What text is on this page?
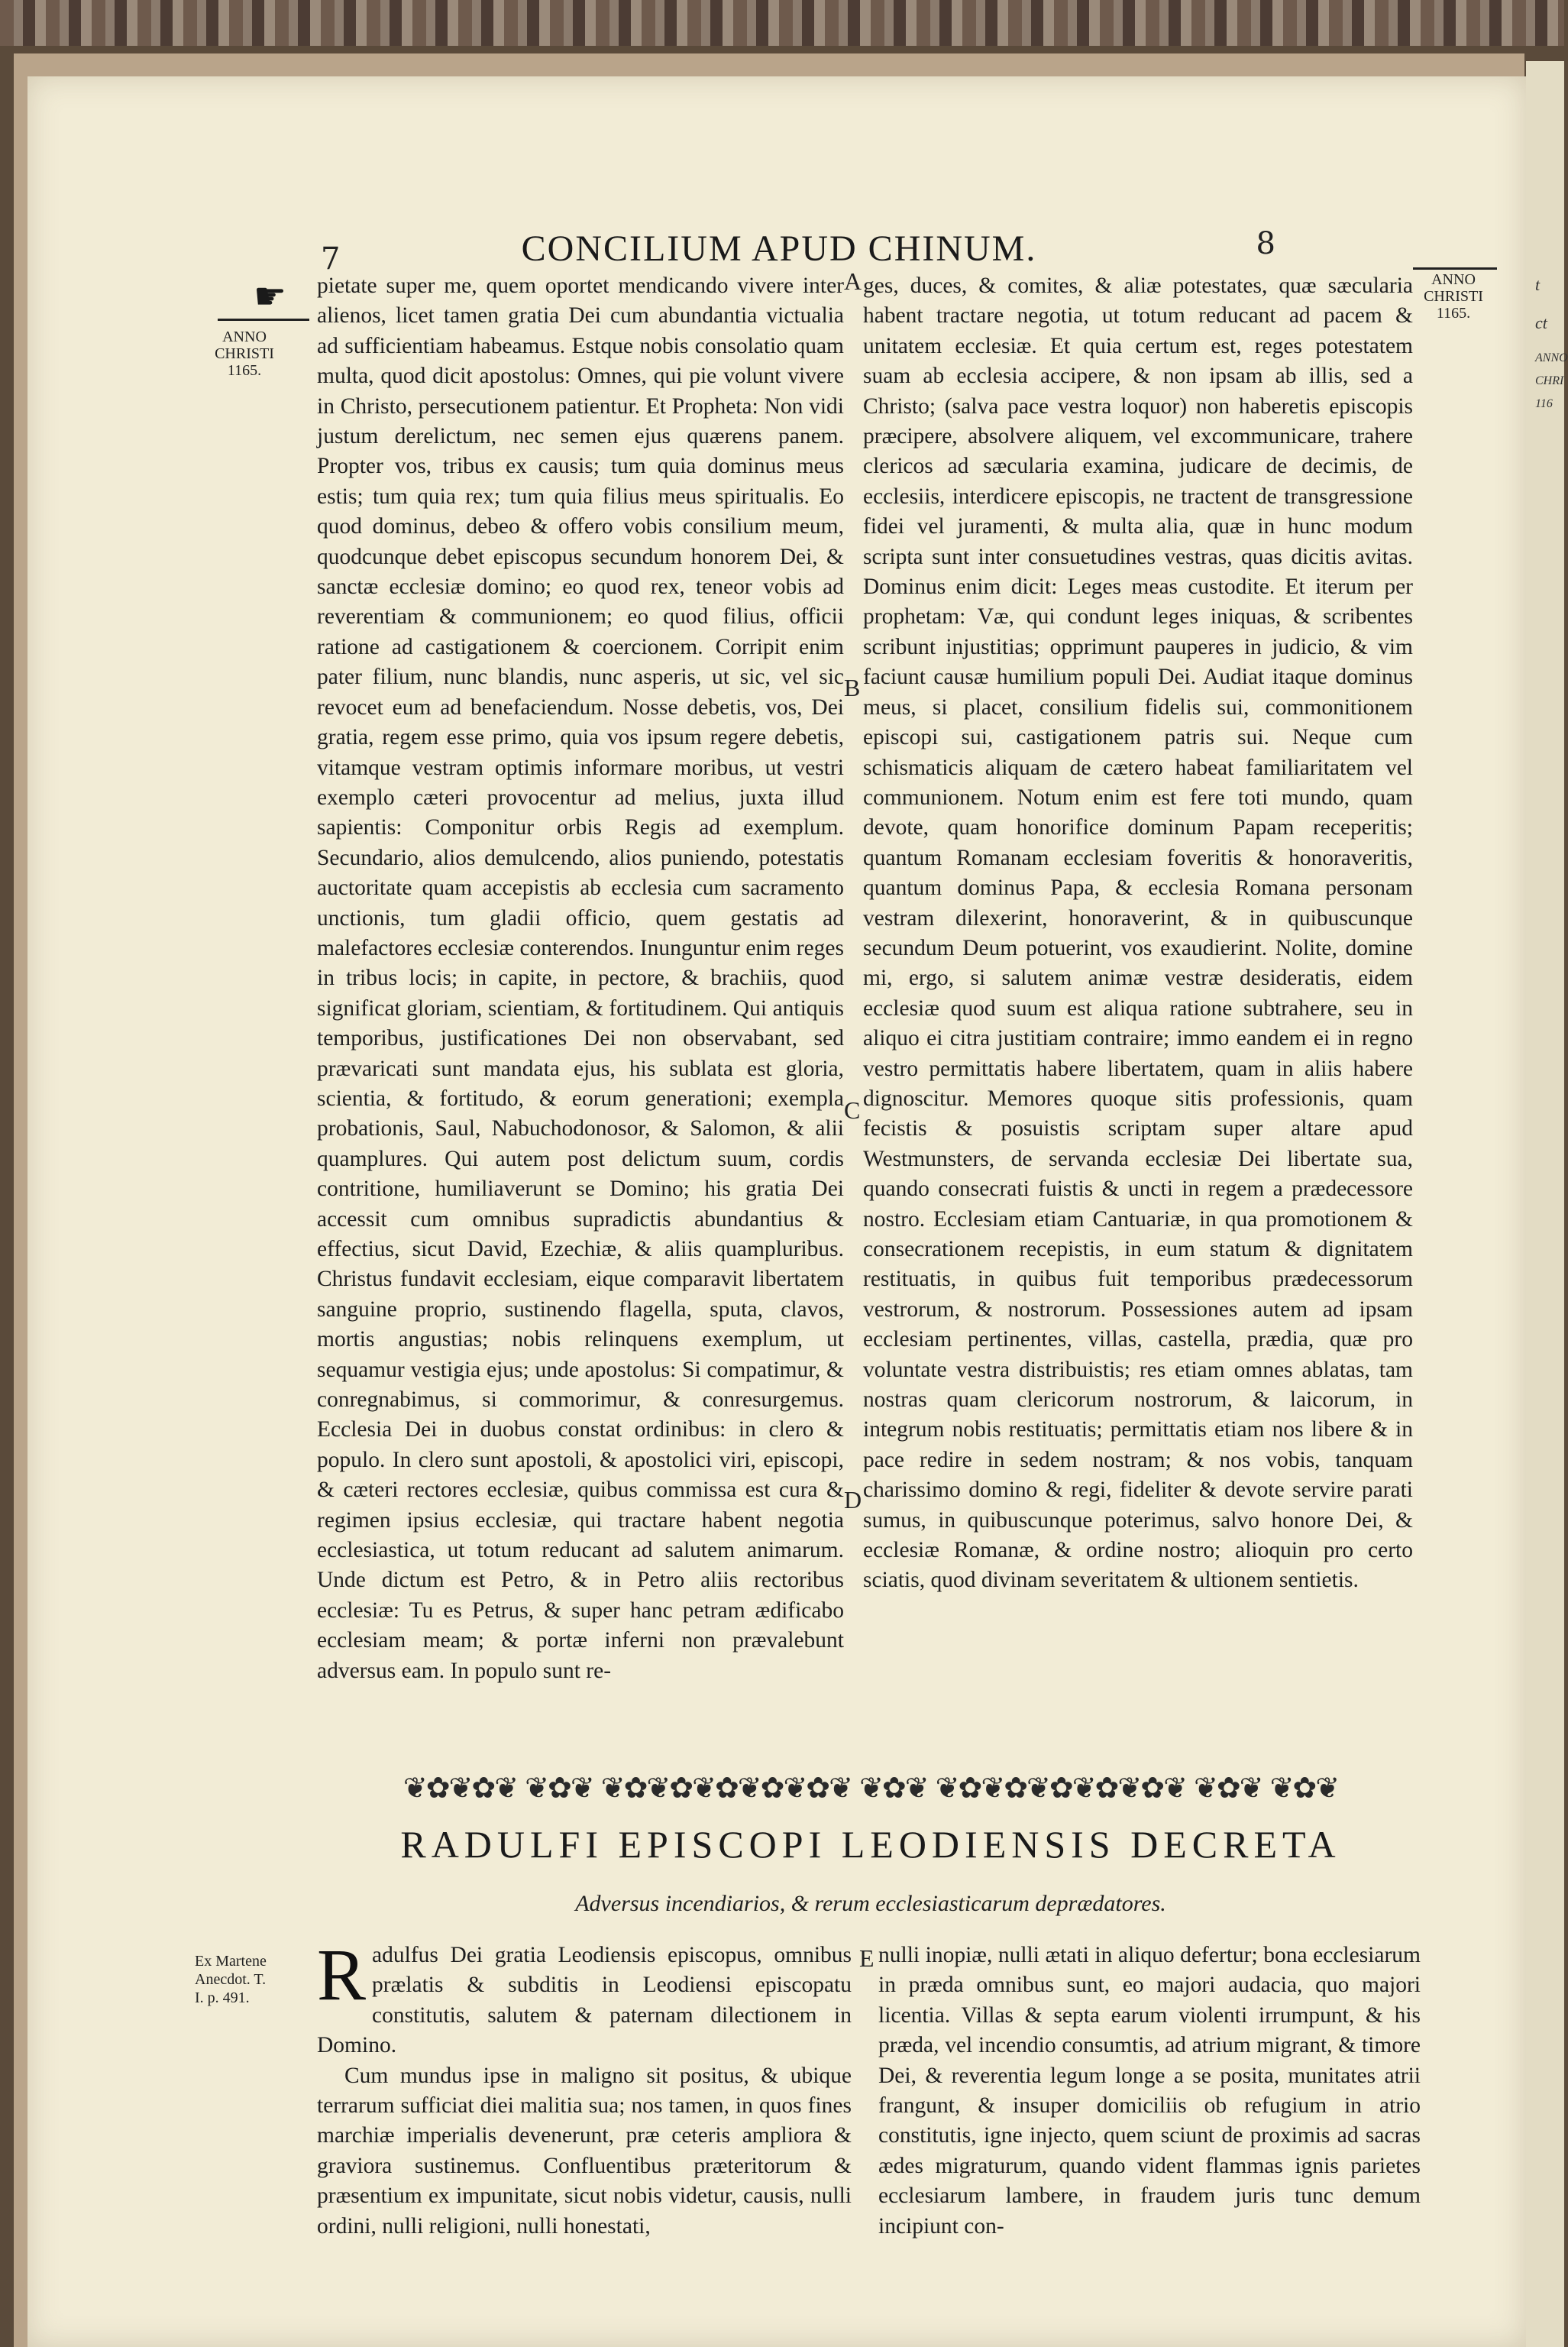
t
ct
ANNO
CHRI
116
7	CONCILIUM APUD CHINUM.	8
☛
ANNO
CHRISTI
1165.
ANNO
CHRISTI
1165.
Ex Martene
Anecdot. T.
I. p. 491.
A
B
C
D
E
pietate super me, quem oportet mendicando vivere inter alienos, licet tamen gratia Dei cum abundantia victualia ad sufficientiam habeamus. Estque nobis consolatio quam multa, quod dicit apostolus: Omnes, qui pie volunt vivere in Christo, persecutionem patientur. Et Propheta: Non vidi justum derelictum, nec semen ejus quærens panem. Propter vos, tribus ex causis; tum quia dominus meus estis; tum quia rex; tum quia filius meus spiritualis. Eo quod dominus, debeo & offero vobis consilium meum, quodcunque debet episcopus secundum honorem Dei, & sanctæ ecclesiæ domino; eo quod rex, teneor vobis ad reverentiam & communionem; eo quod filius, officii ratione ad castigationem & coercionem. Corripit enim pater filium, nunc blandis, nunc asperis, ut sic, vel sic revocet eum ad benefaciendum. Nosse debetis, vos, Dei gratia, regem esse primo, quia vos ipsum regere debetis, vitamque vestram optimis informare moribus, ut vestri exemplo cæteri provocentur ad melius, juxta illud sapientis: Componitur orbis Regis ad exemplum. Secundario, alios demulcendo, alios puniendo, potestatis auctoritate quam accepistis ab ecclesia cum sacramento unctionis, tum gladii officio, quem gestatis ad malefactores ecclesiæ conterendos. Inunguntur enim reges in tribus locis; in capite, in pectore, & brachiis, quod significat gloriam, scientiam, & fortitudinem. Qui antiquis temporibus, justificationes Dei non observabant, sed prævaricati sunt mandata ejus, his sublata est gloria, scientia, & fortitudo, & eorum generationi; exempla probationis, Saul, Nabuchodonosor, & Salomon, & alii quamplures. Qui autem post delictum suum, cordis contritione, humiliaverunt se Domino; his gratia Dei accessit cum omnibus supradictis abundantius & effectius, sicut David, Ezechiæ, & aliis quampluribus. Christus fundavit ecclesiam, eique comparavit libertatem sanguine proprio, sustinendo flagella, sputa, clavos, mortis angustias; nobis relinquens exemplum, ut sequamur vestigia ejus; unde apostolus: Si compatimur, & conregnabimus, si commorimur, & conresurgemus. Ecclesia Dei in duobus constat ordinibus: in clero & populo. In clero sunt apostoli, & apostolici viri, episcopi, & cæteri rectores ecclesiæ, quibus commissa est cura & regimen ipsius ecclesiæ, qui tractare habent negotia ecclesiastica, ut totum reducant ad salutem animarum. Unde dictum est Petro, & in Petro aliis rectoribus ecclesiæ: Tu es Petrus, & super hanc petram ædificabo ecclesiam meam; & portæ inferni non prævalebunt adversus eam. In populo sunt re-
ges, duces, & comites, & aliæ potestates, quæ sæcularia habent tractare negotia, ut totum reducant ad pacem & unitatem ecclesiæ. Et quia certum est, reges potestatem suam ab ecclesia accipere, & non ipsam ab illis, sed a Christo; (salva pace vestra loquor) non haberetis episcopis præcipere, absolvere aliquem, vel excommunicare, trahere clericos ad sæcularia examina, judicare de decimis, de ecclesiis, interdicere episcopis, ne tractent de transgressione fidei vel juramenti, & multa alia, quæ in hunc modum scripta sunt inter consuetudines vestras, quas dicitis avitas. Dominus enim dicit: Leges meas custodite. Et iterum per prophetam: Væ, qui condunt leges iniquas, & scribentes scribunt injustitias; opprimunt pauperes in judicio, & vim faciunt causæ humilium populi Dei. Audiat itaque dominus meus, si placet, consilium fidelis sui, commonitionem episcopi sui, castigationem patris sui. Neque cum schismaticis aliquam de cætero habeat familiaritatem vel communionem. Notum enim est fere toti mundo, quam devote, quam honorifice dominum Papam receperitis; quantum Romanam ecclesiam foveritis & honoraveritis, quantum dominus Papa, & ecclesia Romana personam vestram dilexerint, honoraverint, & in quibuscunque secundum Deum potuerint, vos exaudierint. Nolite, domine mi, ergo, si salutem animæ vestræ desideratis, eidem ecclesiæ quod suum est aliqua ratione subtrahere, seu in aliquo ei citra justitiam contraire; immo eandem ei in regno vestro permittatis habere libertatem, quam in aliis habere dignoscitur. Memores quoque sitis professionis, quam fecistis & posuistis scriptam super altare apud Westmunsters, de servanda ecclesiæ Dei libertate sua, quando consecrati fuistis & uncti in regem a prædecessore nostro. Ecclesiam etiam Cantuariæ, in qua promotionem & consecrationem recepistis, in eum statum & dignitatem restituatis, in quibus fuit temporibus prædecessorum vestrorum, & nostrorum. Possessiones autem ad ipsam ecclesiam pertinentes, villas, castella, prædia, quæ pro voluntate vestra distribuistis; res etiam omnes ablatas, tam nostras quam clericorum nostrorum, & laicorum, in integrum nobis restituatis; permittatis etiam nos libere & in pace redire in sedem nostram; & nos vobis, tanquam charissimo domino & regi, fideliter & devote servire parati sumus, in quibuscunque poterimus, salvo honore Dei, & ecclesiæ Romanæ, & ordine nostro; alioquin pro certo sciatis, quod divinam severitatem & ultionem sentietis.
❦✿❦✿❦ ❦✿❦ ❦✿❦✿❦✿❦✿❦✿❦ ❦✿❦ ❦✿❦✿❦✿❦✿❦✿❦ ❦✿❦ ❦✿❦
RADULFI EPISCOPI LEODIENSIS DECRETA
Adversus incendiarios, & rerum ecclesiasticarum deprædatores.
R adulfus Dei gratia Leodiensis episcopus, omnibus prælatis & subditis in Leodiensi episcopatu constitutis, salutem & paternam dilectionem in Domino.
Cum mundus ipse in maligno sit positus, & ubique terrarum sufficiat diei malitia sua; nos tamen, in quos fines marchiæ imperialis devenerunt, præ ceteris ampliora & graviora sustinemus. Confluentibus præteritorum & præsentium ex impunitate, sicut nobis videtur, causis, nulli ordini, nulli religioni, nulli honestati,
nulli inopiæ, nulli ætati in aliquo defertur; bona ecclesiarum in præda omnibus sunt, eo majori audacia, quo majori licentia. Villas & septa earum violenti irrumpunt, & his præda, vel incendio consumtis, ad atrium migrant, & timore Dei, & reverentia legum longe a se posita, munitates atrii frangunt, & insuper domiciliis ob refugium in atrio constitutis, igne injecto, quem sciunt de proximis ad sacras ædes migraturum, quando vident flammas ignis parietes ecclesiarum lambere, in fraudem juris tunc demum incipiunt con-
